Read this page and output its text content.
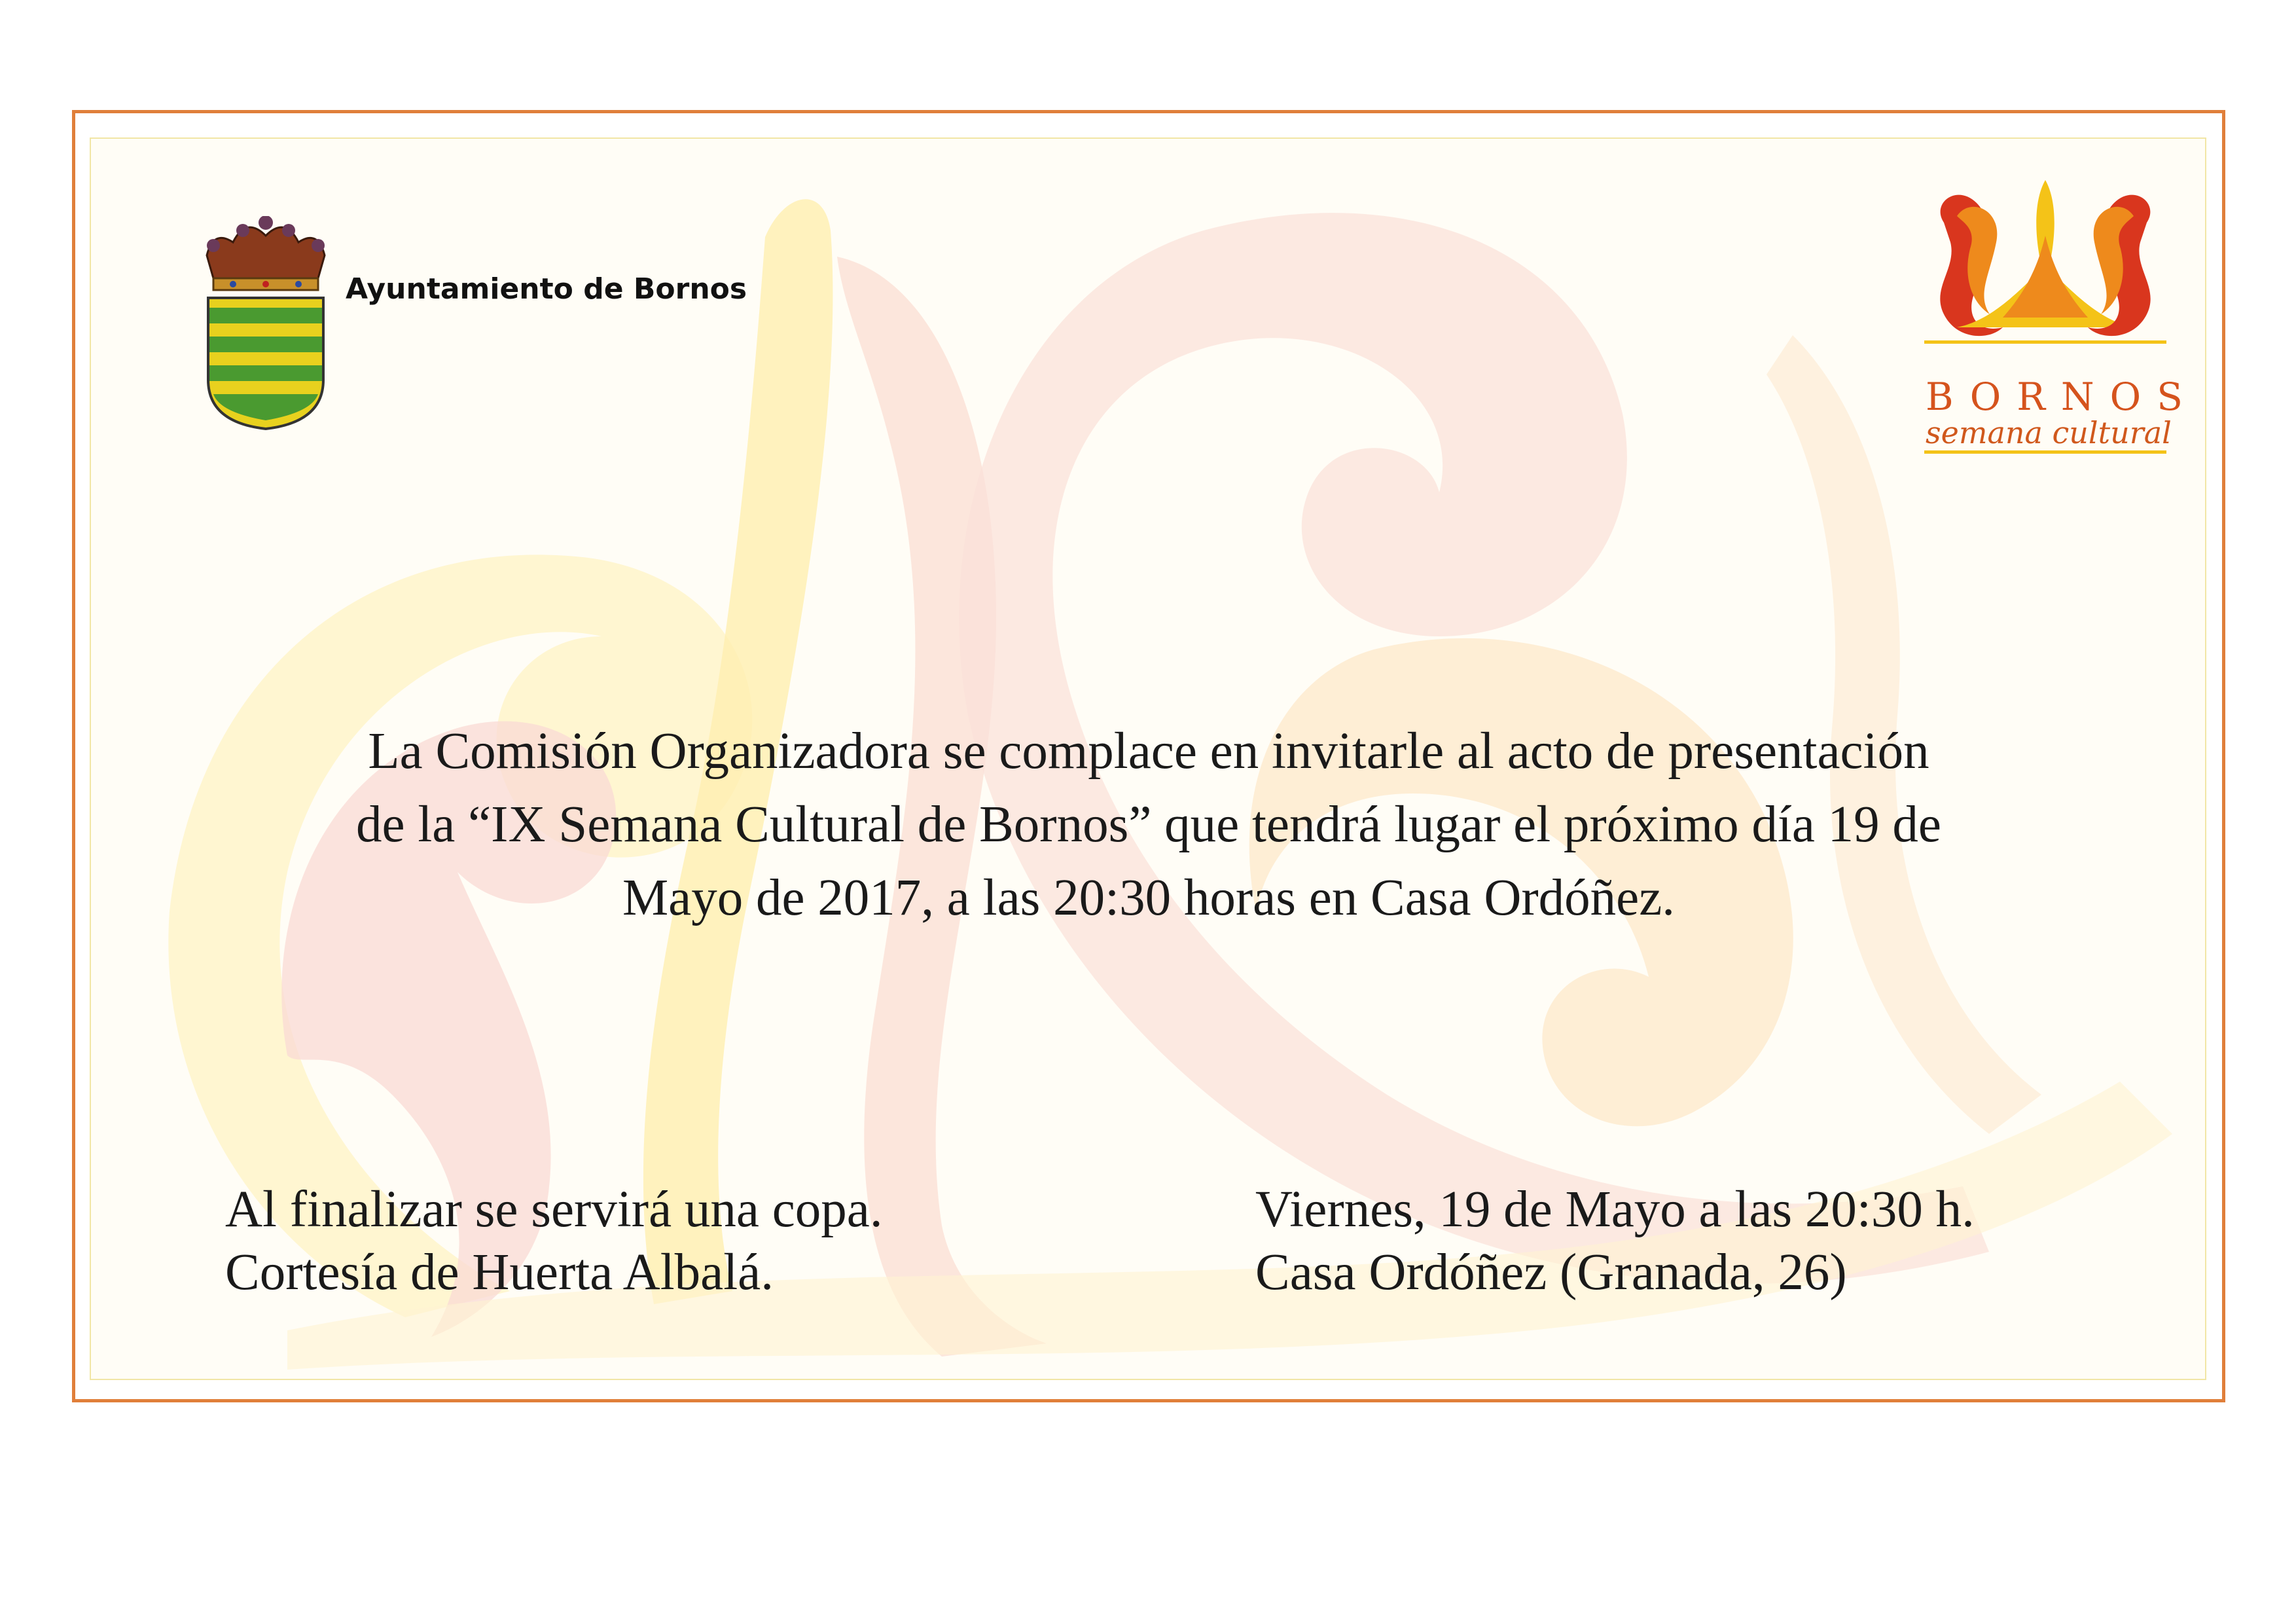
Ayuntamiento de Bornos
BORNOS
semana cultural
La Comisión Organizadora se complace en invitarle al acto de presentación
de la “IX Semana Cultural de Bornos” que tendrá lugar el próximo día 19 de
Mayo de 2017, a las 20:30 horas en Casa Ordóñez.
Al finalizar se servirá una copa.
Cortesía de Huerta Albalá.
Viernes, 19 de Mayo a las 20:30 h.
Casa Ordóñez (Granada, 26)
